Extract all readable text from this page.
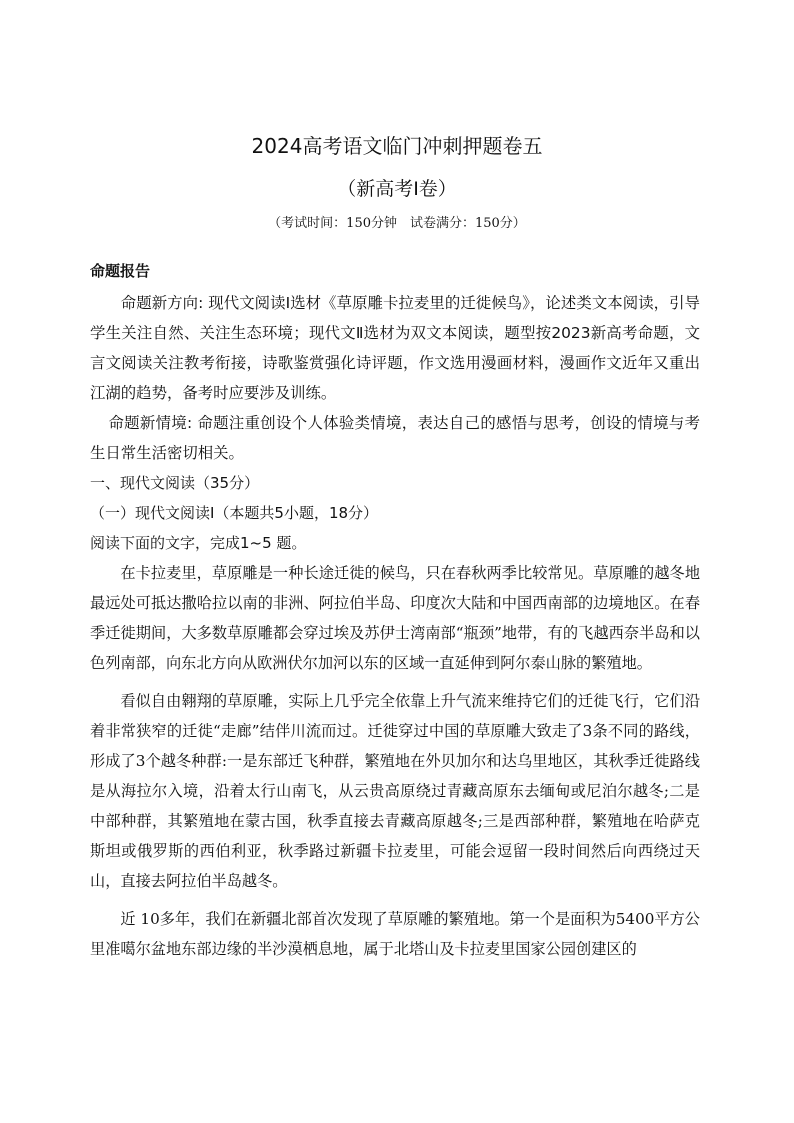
2024高考语文临门冲刺押题卷五
（新高考Ⅰ卷）
（考试时间：150分钟　试卷满分：150分）
命题报告

命题新方向: 现代文阅读Ⅰ选材《草原雕卡拉麦里的迁徙候鸟》，论述类文本阅读，引导学生关注自然、关注生态环境；现代文Ⅱ选材为双文本阅读，题型按2023新高考命题，文言文阅读关注教考衔接，诗歌鉴赏强化诗评题，作文选用漫画材料，漫画作文近年又重出江湖的趋势，备考时应要涉及训练。

命题新情境: 命题注重创设个人体验类情境，表达自己的感悟与思考，创设的情境与考生日常生活密切相关。

一、现代文阅读（35分）
（一）现代文阅读Ⅰ（本题共5小题，18分）
阅读下面的文字，完成1~5 题。

在卡拉麦里，草原雕是一种长途迁徙的候鸟，只在春秋两季比较常见。草原雕的越冬地最远处可抵达撒哈拉以南的非洲、阿拉伯半岛、印度次大陆和中国西南部的边境地区。在春季迁徙期间，大多数草原雕都会穿过埃及苏伊士湾南部“瓶颈”地带，有的飞越西奈半岛和以色列南部，向东北方向从欧洲伏尔加河以东的区域一直延伸到阿尔泰山脉的繁殖地。

看似自由翱翔的草原雕，实际上几乎完全依靠上升气流来维持它们的迁徙飞行，它们沿着非常狭窄的迁徙“走廊”结伴川流而过。迁徙穿过中国的草原雕大致走了3条不同的路线，形成了3个越冬种群:一是东部迁飞种群，繁殖地在外贝加尔和达乌里地区，其秋季迁徙路线是从海拉尔入境，沿着太行山南飞，从云贵高原绕过青藏高原东去缅甸或尼泊尔越冬;二是中部种群，其繁殖地在蒙古国，秋季直接去青藏高原越冬;三是西部种群，繁殖地在哈萨克斯坦或俄罗斯的西伯利亚，秋季路过新疆卡拉麦里，可能会逗留一段时间然后向西绕过天山，直接去阿拉伯半岛越冬。

近 10多年，我们在新疆北部首次发现了草原雕的繁殖地。第一个是面积为5400平方公里准噶尔盆地东部边缘的半沙漠栖息地，属于北塔山及卡拉麦里国家公园创建区的
